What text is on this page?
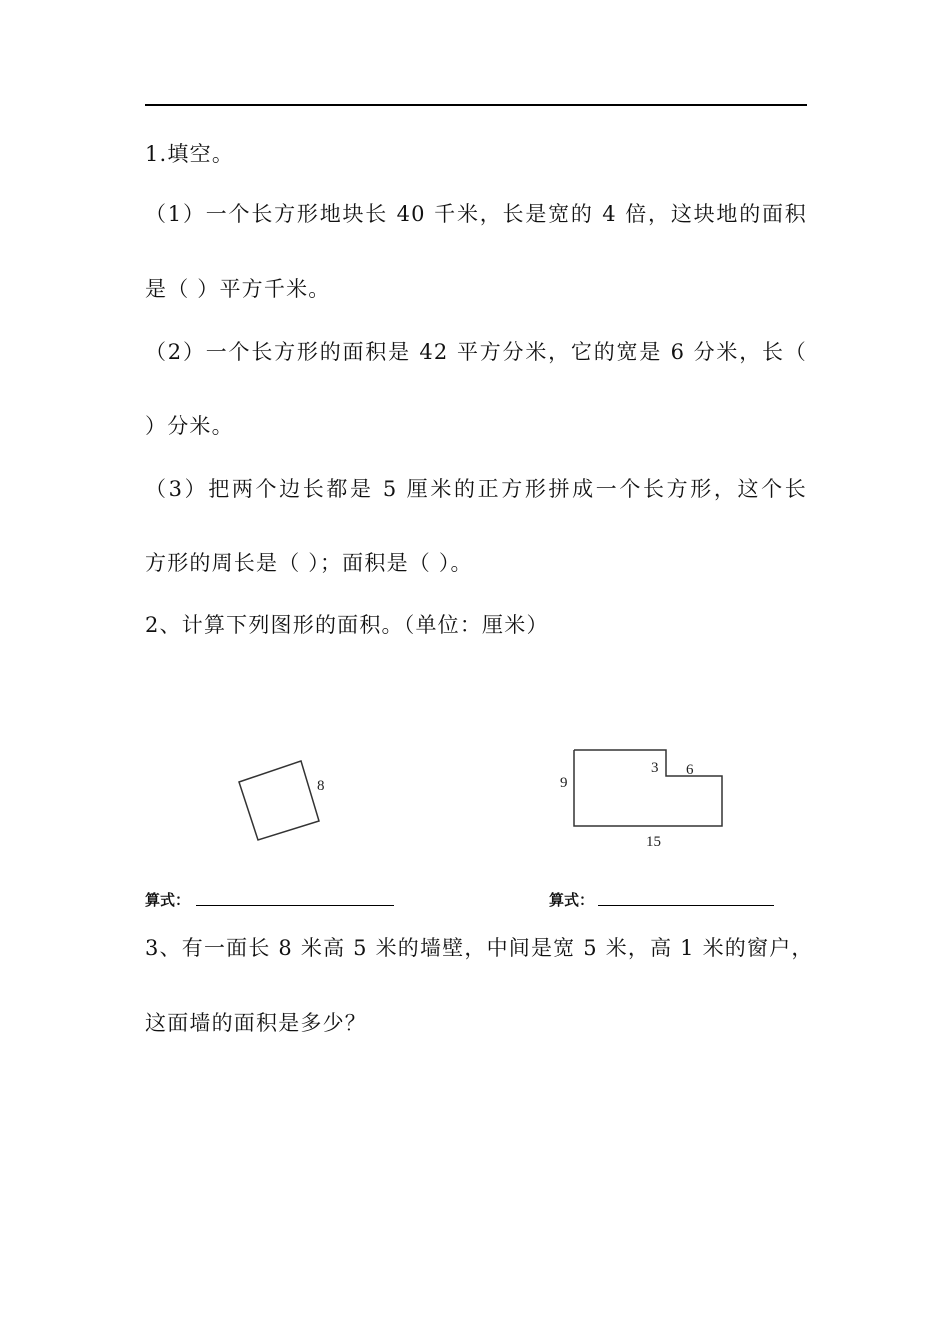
1.填空。
（1）一个长方形地块长 40 千米，长是宽的 4 倍，这块地的面积
是（ ）平方千米。
（2）一个长方形的面积是 42 平方分米，它的宽是 6 分米，长（
）分米。
（3）把两个边长都是 5 厘米的正方形拼成一个长方形，这个长
方形的周长是（ ）；面积是（ ）。
2、计算下列图形的面积。（单位：厘米）
8	9
3 6
15
算式：	算式：
3、有一面长 8 米高 5 米的墙壁，中间是宽 5 米，高 1 米的窗户，
这面墙的面积是多少？
